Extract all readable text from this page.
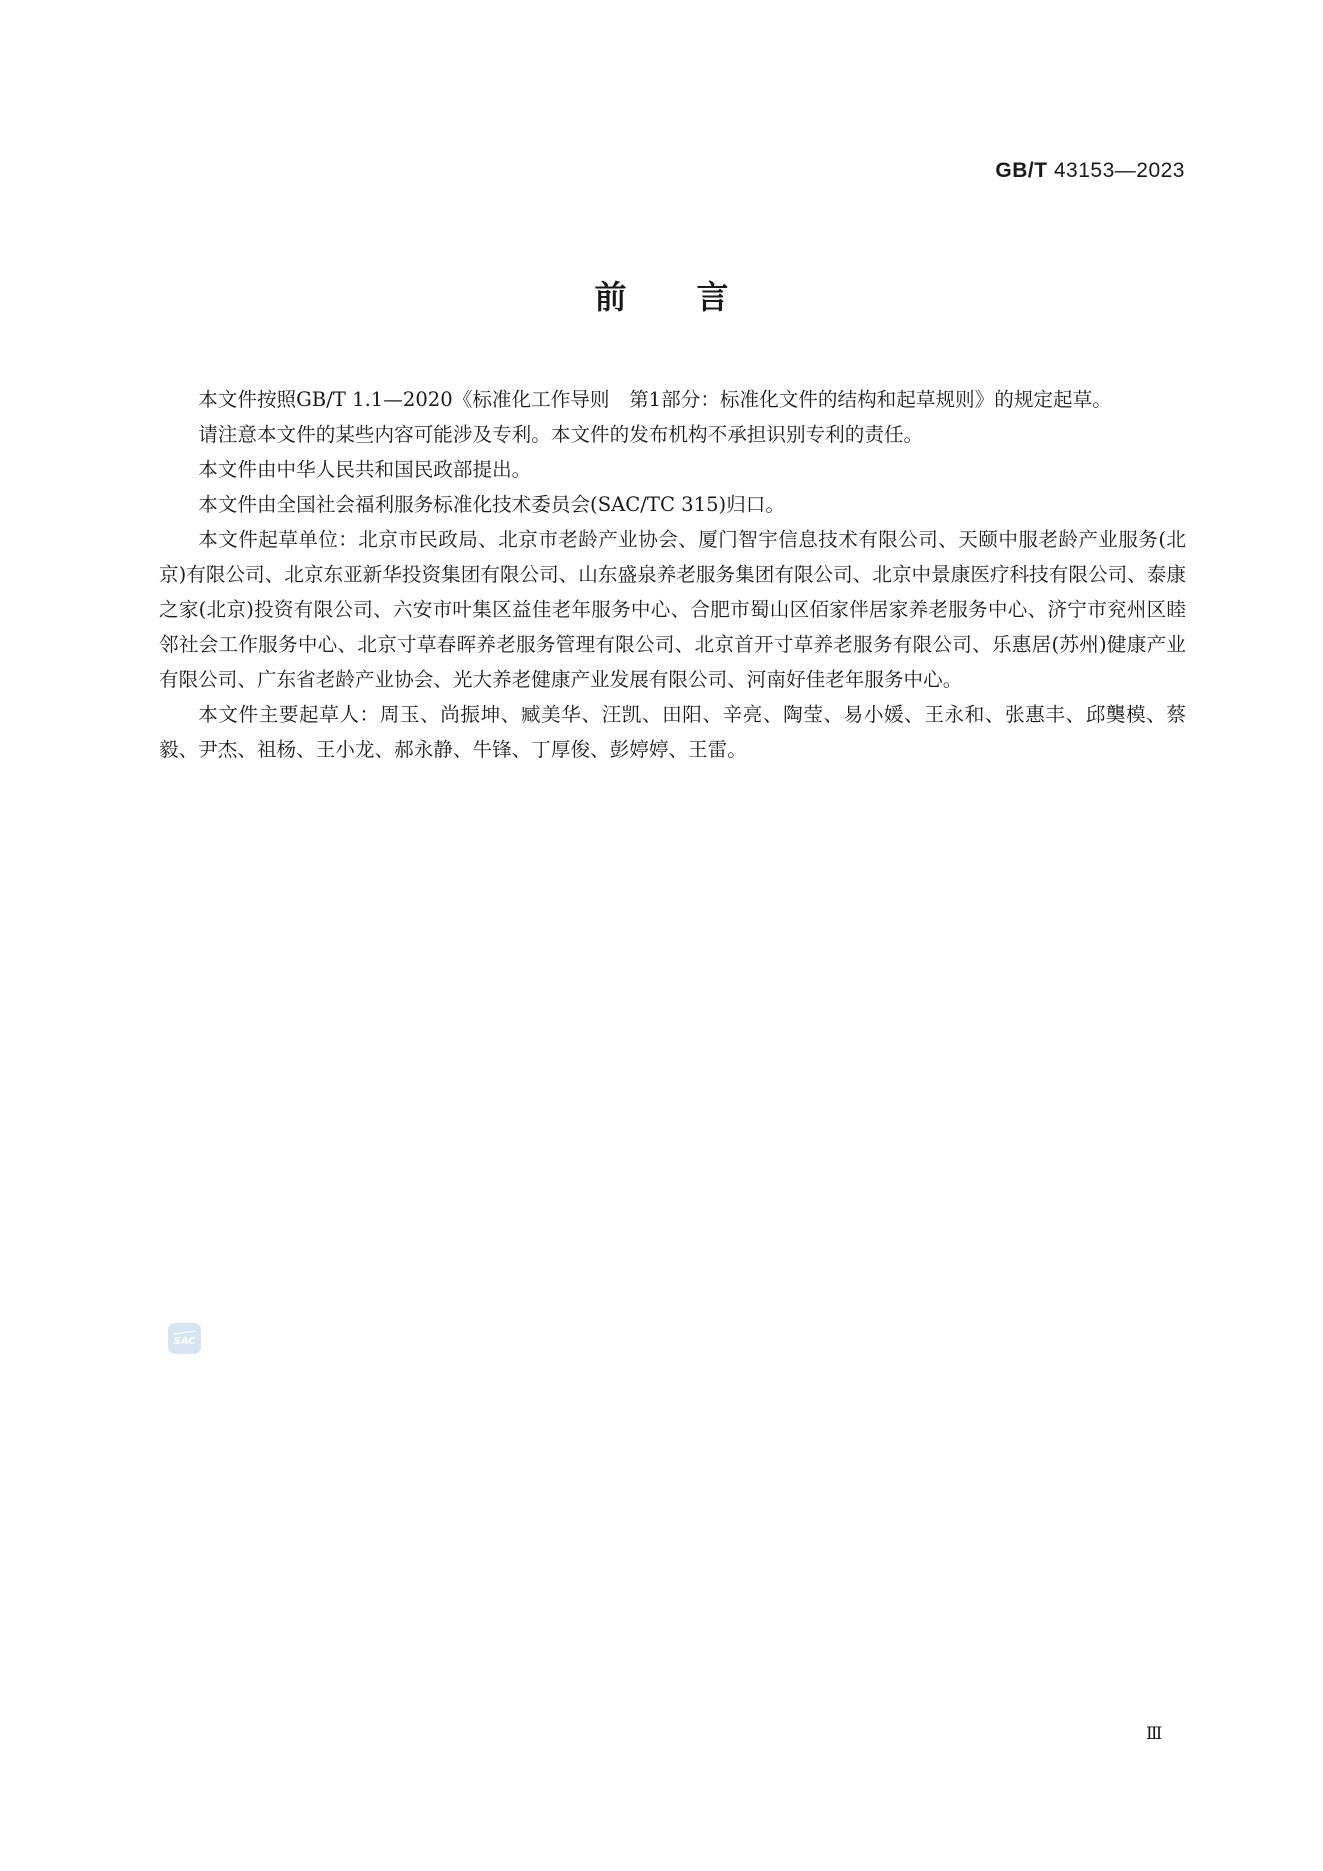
GB/T 43153—2023
前言

本文件按照GB/T 1.1—2020《标准化工作导则　第1部分：标准化文件的结构和起草规则》的规定起草。

请注意本文件的某些内容可能涉及专利。本文件的发布机构不承担识别专利的责任。

本文件由中华人民共和国民政部提出。

本文件由全国社会福利服务标准化技术委员会(SAC/TC 315)归口。

本文件起草单位：北京市民政局、北京市老龄产业协会、厦门智宇信息技术有限公司、天颐中服老龄产业服务(北京)有限公司、北京东亚新华投资集团有限公司、山东盛泉养老服务集团有限公司、北京中景康医疗科技有限公司、泰康之家(北京)投资有限公司、六安市叶集区益佳老年服务中心、合肥市蜀山区佰家伴居家养老服务中心、济宁市兖州区睦邻社会工作服务中心、北京寸草春晖养老服务管理有限公司、北京首开寸草养老服务有限公司、乐惠居(苏州)健康产业有限公司、广东省老龄产业协会、光大养老健康产业发展有限公司、河南好佳老年服务中心。

本文件主要起草人：周玉、尚振坤、臧美华、汪凯、田阳、辛亮、陶莹、易小媛、王永和、张惠丰、邱龑模、蔡毅、尹杰、祖杨、王小龙、郝永静、牛锋、丁厚俊、彭婷婷、王雷。

SAC
Ⅲ
